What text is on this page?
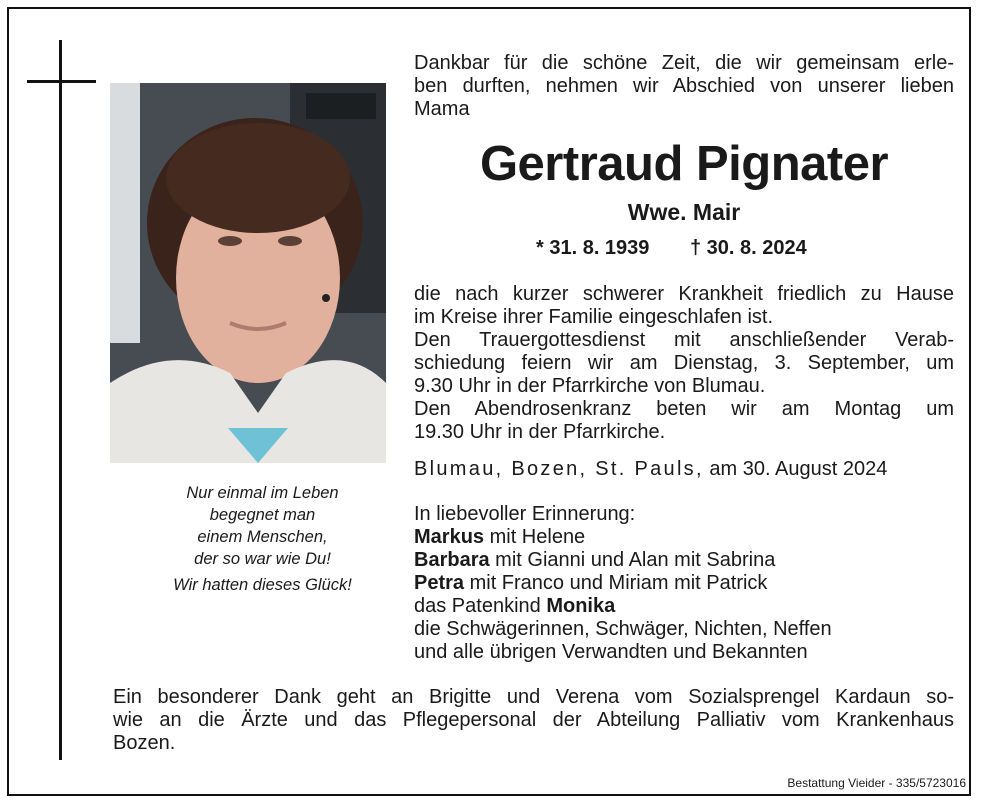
Nur einmal im Leben
begegnet man
einem Menschen,
der so war wie Du!
Wir hatten dieses Glück!
Dankbar für die schöne Zeit, die wir gemeinsam erle-
ben durften, nehmen wir Abschied von unserer lieben
Mama
Gertraud Pignater
Wwe. Mair
* 31. 8. 1939 † 30. 8. 2024
die nach kurzer schwerer Krankheit friedlich zu Hause
im Kreise ihrer Familie eingeschlafen ist.
Den Trauergottesdienst mit anschließender Verab-
schiedung feiern wir am Dienstag, 3. September, um
9.30 Uhr in der Pfarrkirche von Blumau.
Den Abendrosenkranz beten wir am Montag um
19.30 Uhr in der Pfarrkirche.
Blumau, Bozen, St. Pauls, am 30. August 2024
In liebevoller Erinnerung:
Markus mit Helene
Barbara mit Gianni und Alan mit Sabrina
Petra mit Franco und Miriam mit Patrick
das Patenkind Monika
die Schwägerinnen, Schwäger, Nichten, Neffen
und alle übrigen Verwandten und Bekannten
Ein besonderer Dank geht an Brigitte und Verena vom Sozialsprengel Kardaun so-
wie an die Ärzte und das Pflegepersonal der Abteilung Palliativ vom Krankenhaus
Bozen.
Bestattung Vieider - 335/5723016
